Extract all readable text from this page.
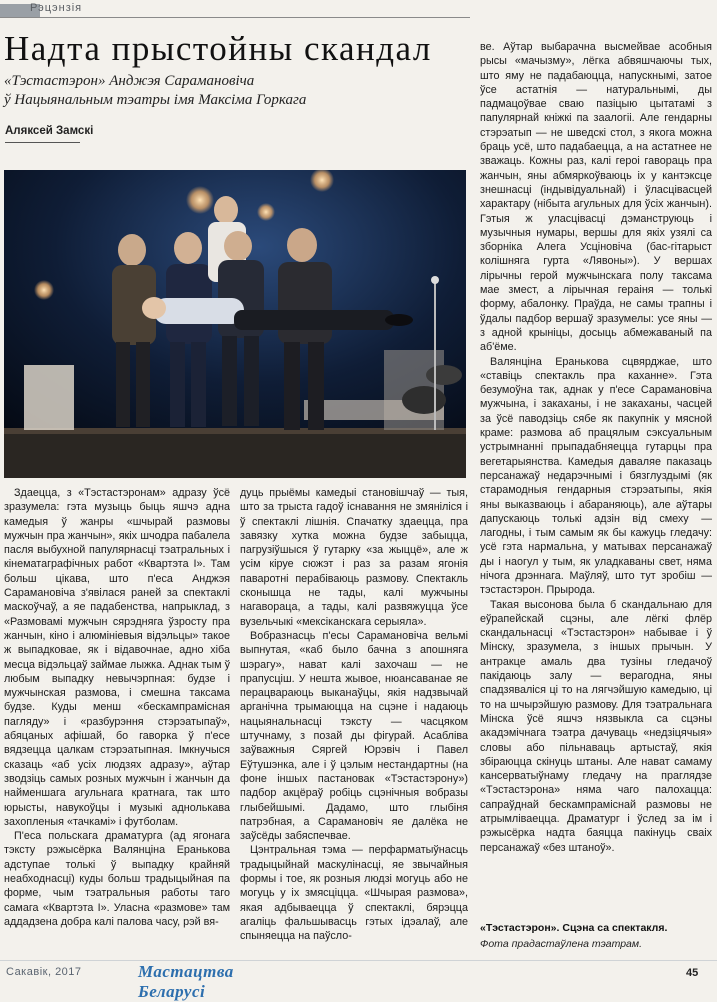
Рэцэнзія
Надта прыстойны скандал
«Тэстастэрон» Анджэя Сарамановіча
ў Нацыянальным тэатры імя Максіма Горкага
Аляксей Замскі

Здаецца, з «Тэстастэронам» адразу ўсё зразумела: гэта музыць быць яшчэ адна камедыя ў жанры «шчырай размовы мужчын пра жанчын», якіх шчодра пабалела пасля выбухной папулярнасці тэатральных і кінематаграфічных работ «Квартэта І». Там больш цікава, што п'еса Анджэя Сарамановіча з'явілася раней за спектаклі маскоўчаў, а яе падабенства, напрыклад, з «Размовамі мужчын сярэдняга ўзросту пра жанчын, кіно і алюмініевыя відэльцы» такое ж выпадковае, як і відавочнае, адно хіба месца відэльцаў займае лыжка. Аднак тым ў любым выпадку невычэрпная: будзе і мужчынская размова, і смешна таксама будзе. Куды менш «бескампрамісная пагляду» і «разбурэння стэрэатыпаў», абяцаных афішай, бо гаворка ў п'есе вядзецца цалкам стэрэатыпная. Імкнучыся сказаць «аб усіх людзях адразу», аўтар зводзіць самых розных мужчын і жанчын да найменшага агульнага кратнага, так што юрысты, навукоўцы і музыкі аднолькава захопленыя «тачкамі» і футболам.

П'еса польскага драматурга (ад ягонага тэксту рэжысёрка Валянціна Еранькова адступае толькі ў выпадку крайняй неабходнасці) куды больш традыцыйная па форме, чым тэатральныя работы таго самага «Квартэта І». Уласна «размове» там аддадзена добра калі палова часу, рэй вя-

дуць прыёмы камедыі становішчаў — тыя, што за трыста гадоў існавання не змяніліся і ў спектаклі лішнія. Спачатку здаецца, пра завязку хутка можна будзе забыцца, пагрузіўшыся ў гутарку «за жыццё», але ж усім кіруе сюжэт і раз за разам ягонія паваротні перабіваюць размову. Спектакль сконышца не тады, калі мужчыны нагавораца, а тады, калі развяжуцца ўсе вузельчыкі «мексіканскага серыяла».

Вобразнасць п'есы Сарамановіча вельмі выпнутая, «каб было бачна з апошняга шэрагу», нават калі захочаш — не прапусціш. У нешта жывое, нюансаванае яе перацвараюць выканаўцы, якія надзвычай арганічна трымаюцца на сцэне і надаюць нацыянальнасці тэксту — часцяком штучнаму, з позай ды фігурай. Асабліва заўважныя Сяргей Юрэвіч і Павел Еўтушэнка, але і ў цэлым нестандартны (на фоне іншых пастановак «Тэстастэрону») падбор акцёраў робіць сцэнічныя вобразы глыбейшымі. Дадамо, што глыбіня патрэбная, а Сарамановіч яе далёка не заўсёды забяспечвае.

Цэнтральная тэма — перфарматыўнасць традыцыйнай маскулінасці, яе звычайныя формы і тое, як розныя людзі могуць або не могуць у іх змясціцца. «Шчырая размова», якая адбываецца ў спектаклі, бярэцца агаліць фальшывасць гэтых ідэалаў, але спыняецца на паўсло-

ве. Аўтар выбарачна высмейвае асобныя рысы «мачызму», лёгка абвяшчаючы тых, што яму не падабаюцца, напускнымі, затое ўсе астатнія — натуральнымі, ды падмацоўвае сваю пазіцыю цытатамі з папулярнай кніжкі па заалогіі. Але гендарны стэрэатып — не шведскі стол, з якога можна браць усё, што падабаецца, а на астатнее не зважаць. Кожны раз, калі героі гавораць пра жанчын, яны абмяркоўваюць іх у кантэксце знешнасці (індывідуальнай) і ўласцівасцей характару (нібыта агульных для ўсіх жанчын). Гэтыя ж уласцівасці дэманструюць і музычныя нумары, вершы для якіх узялі са зборніка Алега Усціновіча (бас-гітарыст колішняга гурта «Лявоны»). У вершах лірычны герой мужчынскага полу таксама мае змест, а лірычная гераіня — толькі форму, абалонку. Праўда, не самы трапны і ўдалы падбор вершаў зразумелы: усе яны — з адной крыніцы, досыць абмежаваный па аб'ёме.

Валянціна Еранькова сцвярджае, што «ставіць спектакль пра каханне». Гэта безумоўна так, аднак у п'есе Сарамановіча мужчына, і закаханы, і не закаханы, часцей за ўсё паводзіць сябе як пакупнік у мясной краме: размова аб працялым сэксуальным устрымнанні прыпадабняецца гутарцы пра вегетарыянства. Камедыя даваляе паказаць персанажаў недарэчнымі і бязглуздымі (як старамодныя гендарныя стэрэатыпы, якія яны выказваюць і абараняюць), але аўтары дапускаюць толькі адзін від смеху — лагодны, і тым самым як бы кажуць гледачу: усё гэта нармальна, у матывах персанажаў ды і наогул у тым, як уладкаваны свет, няма нічога дрэннага. Маўляў, што тут зробіш — тэстастэрон. Прырода.

Такая высонова была б скандальнаю для еўрапейскай сцэны, але лёгкі флёр скандальнасці «Тэстастэрон» набывае і ў Мінску, зразумела, з іншых прычын. У антракце амаль два тузіны гледачоў пакідаюць залу — верагодна, яны спадзяваліся ці то на лягчэйшую камедыю, ці то на шчырэйшую размову. Для тэатральнага Мінска ўсё яшчэ нязвыкла са сцэны акадэмічнага тэатра дачуваць «недзіцячыя» словы або пільнаваць артыстаў, якія збіраюцца скінуць штаны. Але нават самаму кансерватыўнаму гледачу на праглядзе «Тэстастэрона» няма чаго палохацца: сапраўднай бескампраміснай размовы не атрымліваецца. Драматург і ўслед за ім і рэжысёрка надта баяцца пакінуць сваіх персанажаў «без штаноў».

«Тэстастэрон». Сцэна са спектакля.
Фота прадастаўлена тэатрам.
Сакавік, 2017	Мастацтва Беларусі
45
